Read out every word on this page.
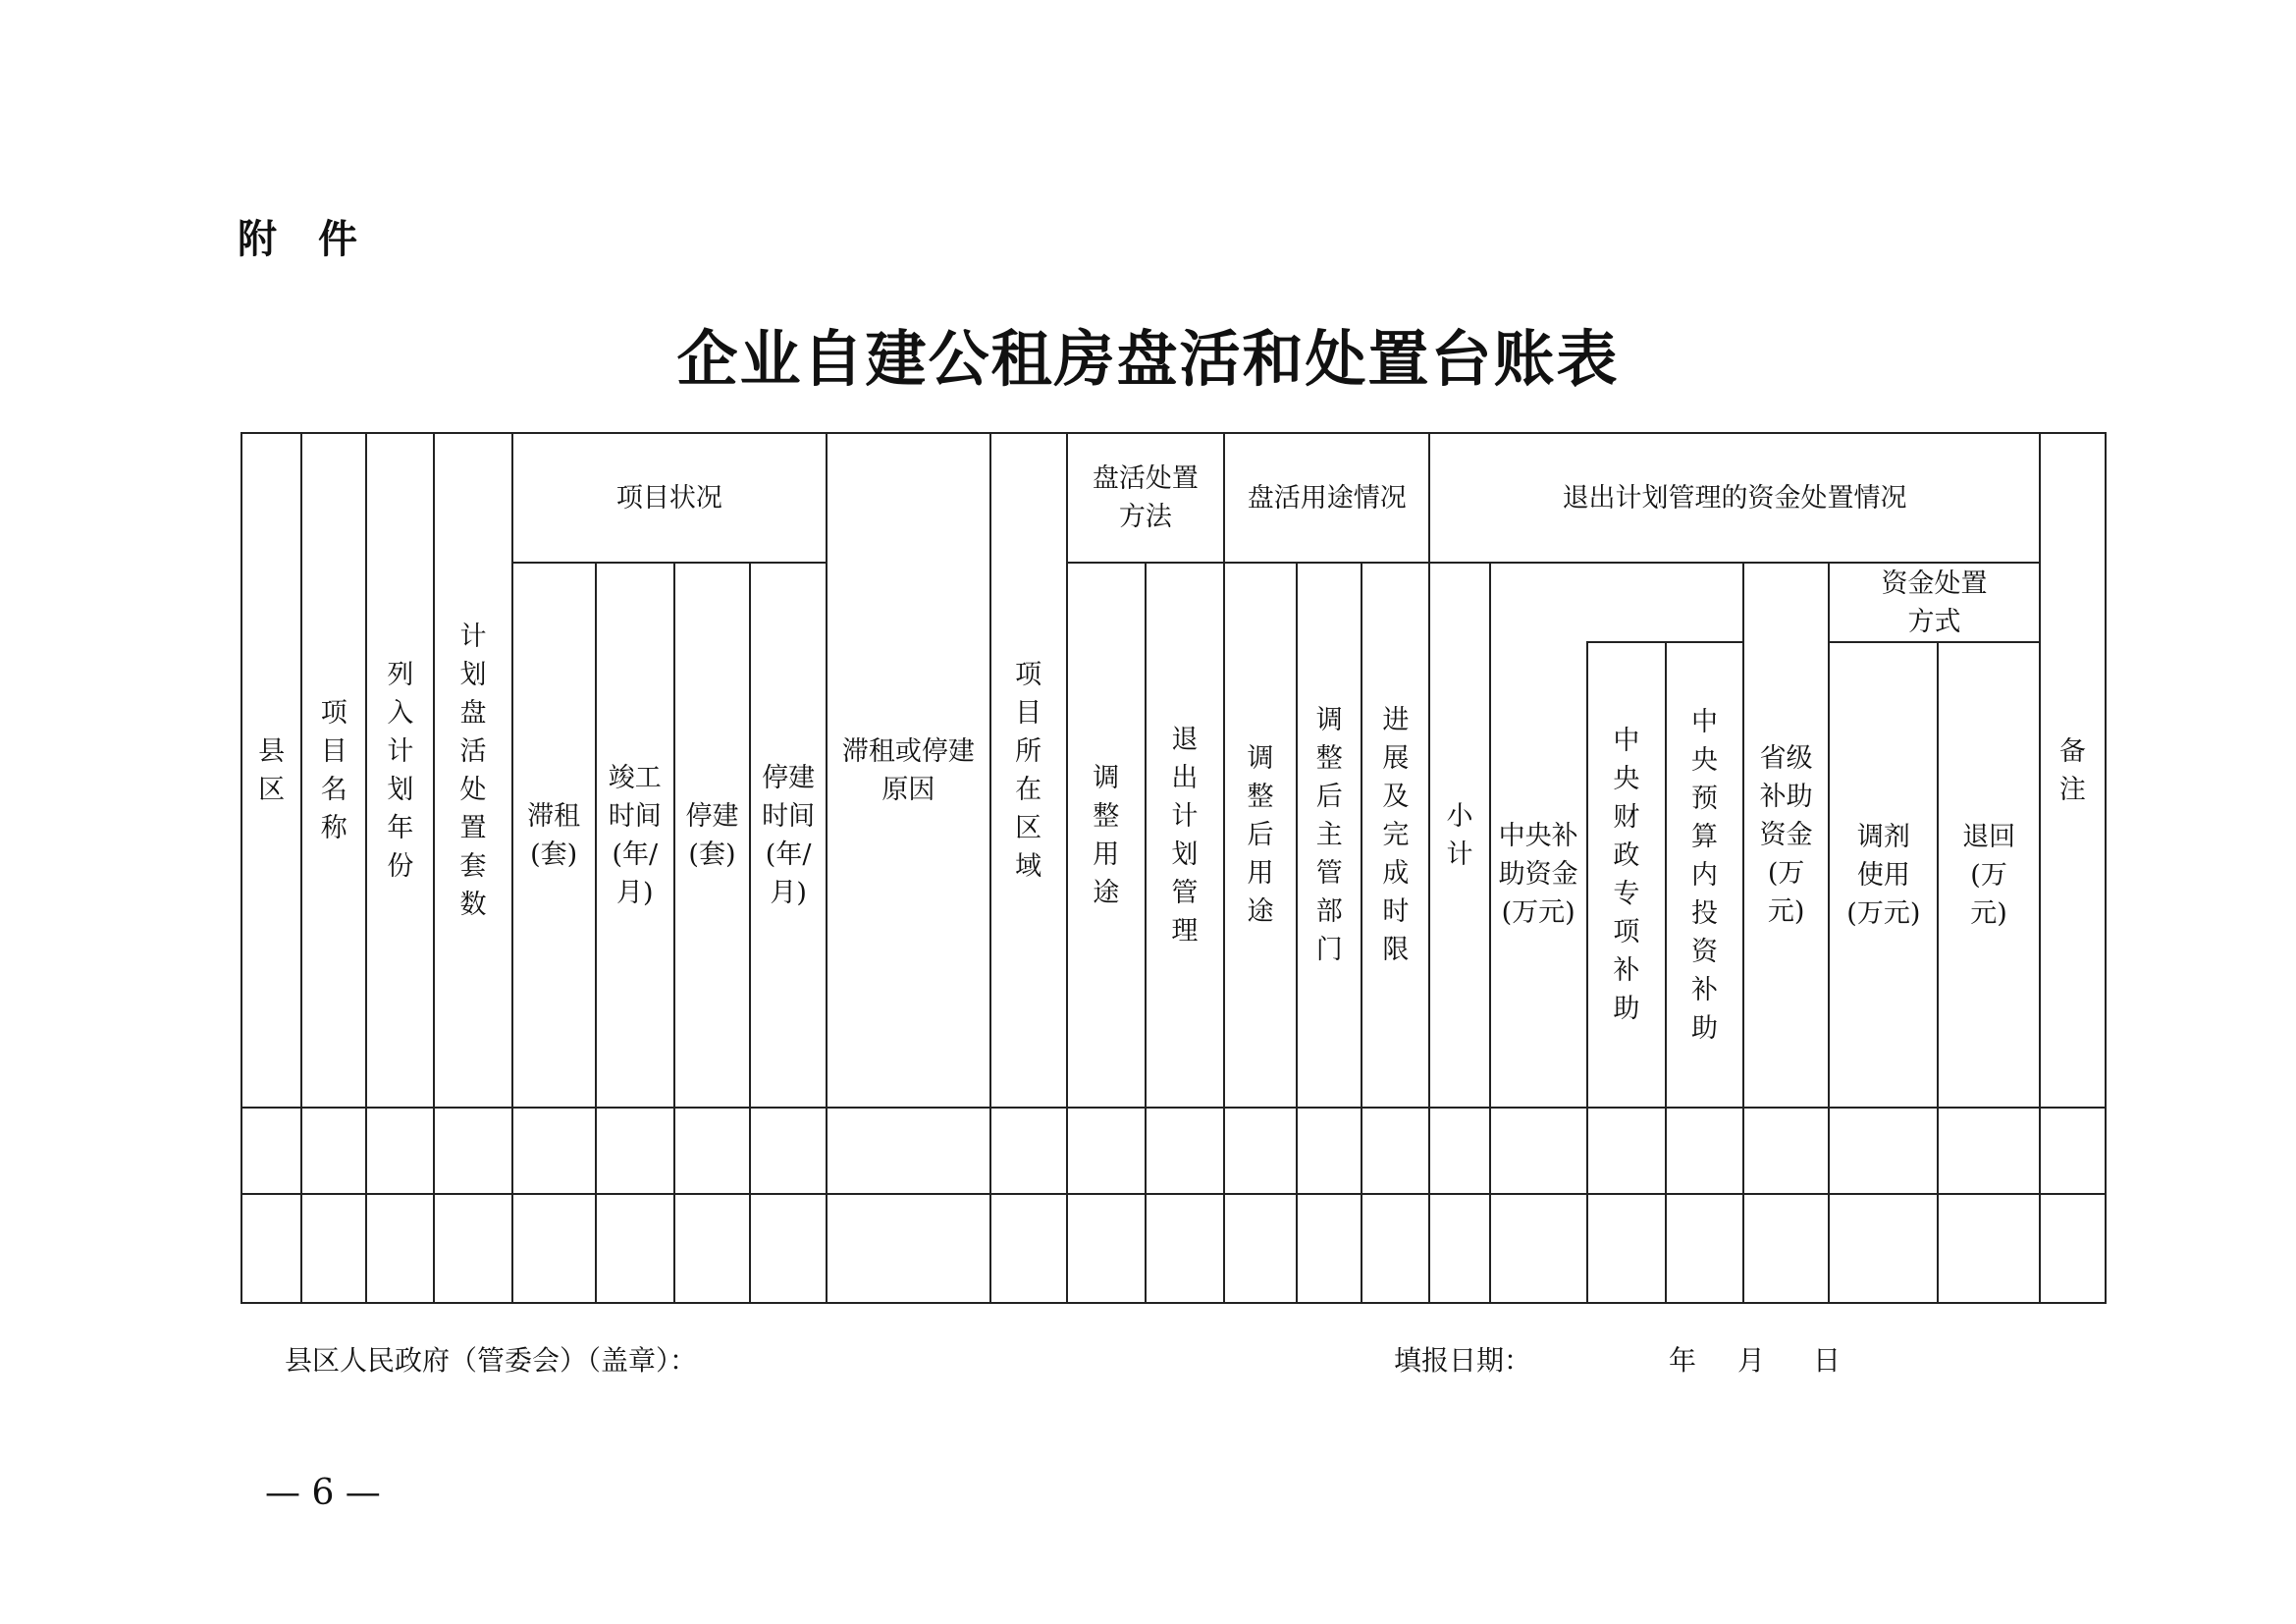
附 件
企业自建公租房盘活和处置台账表
县区	项目名称	列入计划年份	计划盘活处置套数	项目状况				滞租或停建原因	项目所在区域	盘活处置方法		盘活用途情况			退出计划管理的资金处置情况							备注
				滞租(套)	竣工时间(年/月)	停建(套)	停建时间(年/月)			调整用途	退出计划管理	调整后用途	调整后主管部门	进展及完成时限	小计				省级补助资金(万元)	资金处置方式		
																中央补助资金(万元)	中央财政专项补助	中央预算内投资补助		调剂使用(万元)	退回(万元)	

县区人民政府（管委会）（盖章）：	填报日期：	年 月 日
— 6 —
